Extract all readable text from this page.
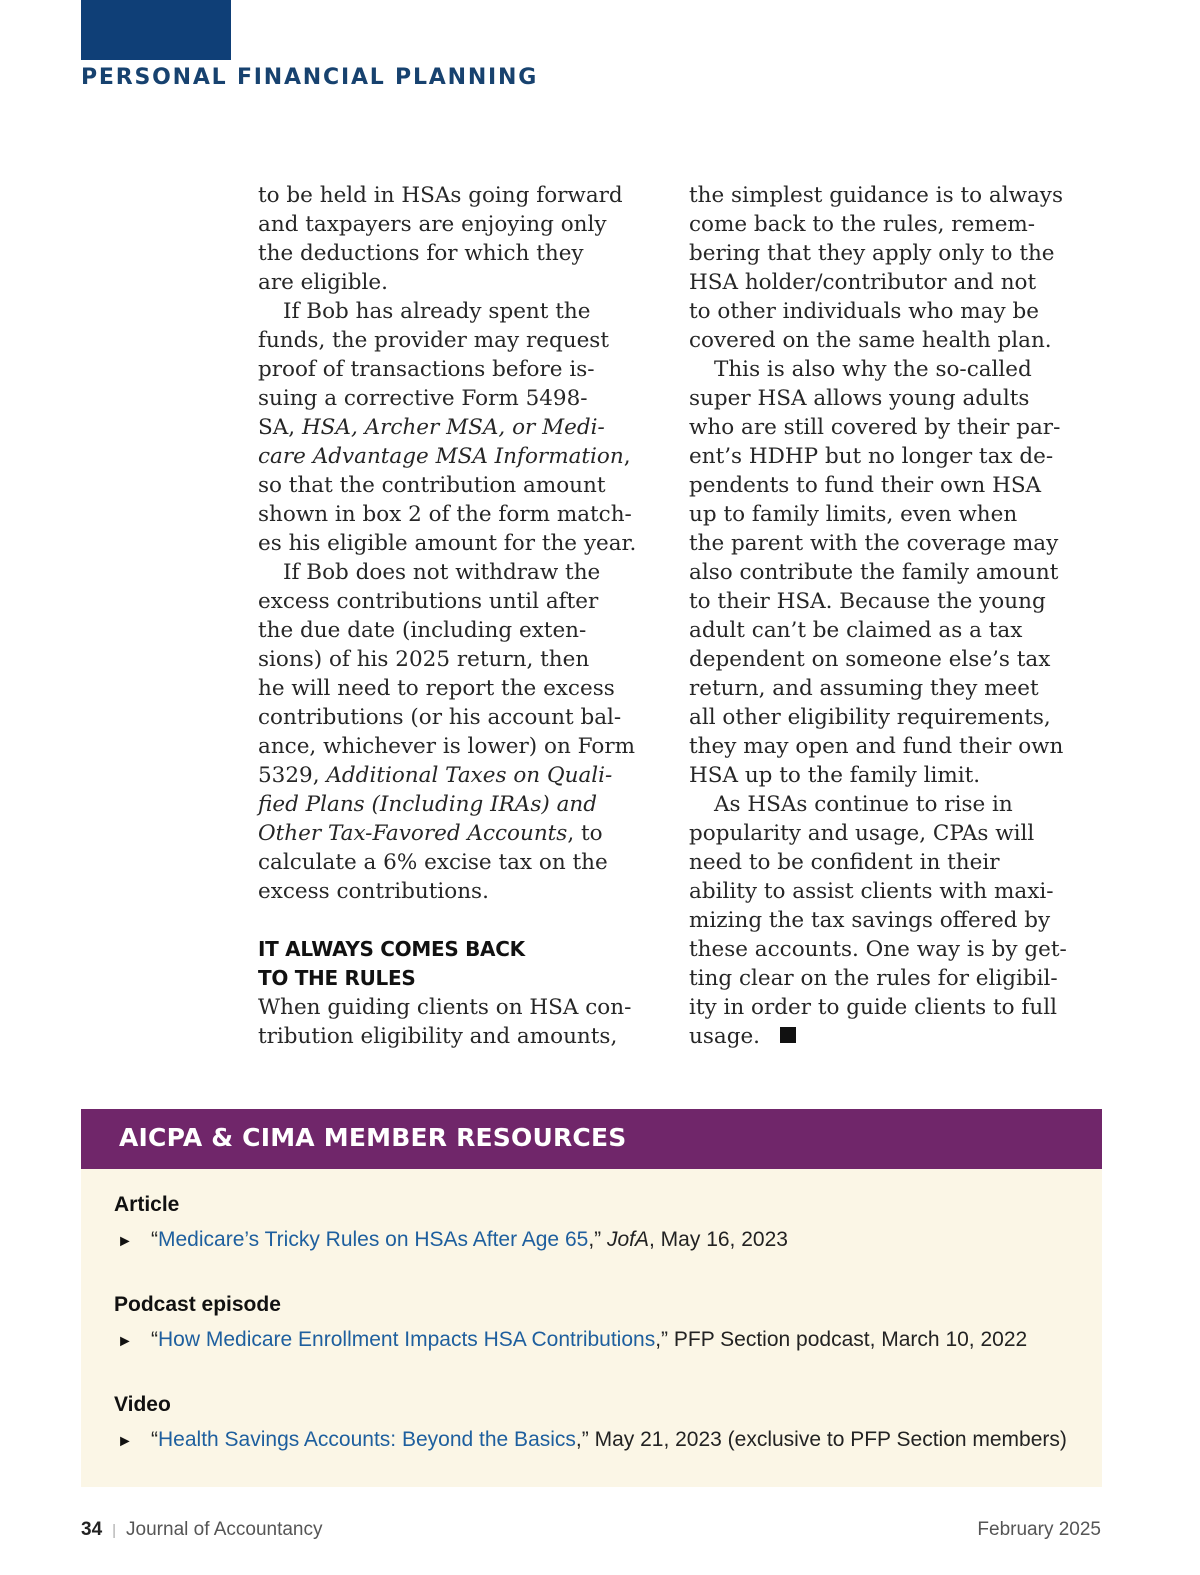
PERSONAL FINANCIAL PLANNING
to be held in HSAs going forward
and taxpayers are enjoying only
the deductions for which they
are eligible.
If Bob has already spent the
funds, the provider may request
proof of transactions before is-
suing a corrective Form 5498-
SA, HSA, Archer MSA, or Medi-
care Advantage MSA Information,
so that the contribution amount
shown in box 2 of the form match-
es his eligible amount for the year.
If Bob does not withdraw the
excess contributions until after
the due date (including exten-
sions) of his 2025 return, then
he will need to report the excess
contributions (or his account bal-
ance, whichever is lower) on Form
5329, Additional Taxes on Quali-
fied Plans (Including IRAs) and
Other Tax-Favored Accounts, to
calculate a 6% excise tax on the
excess contributions.
IT ALWAYS COMES BACK
TO THE RULES
When guiding clients on HSA con-
tribution eligibility and amounts,
the simplest guidance is to always
come back to the rules, remem-
bering that they apply only to the
HSA holder/contributor and not
to other individuals who may be
covered on the same health plan.
This is also why the so-called
super HSA allows young adults
who are still covered by their par-
ent’s HDHP but no longer tax de-
pendents to fund their own HSA
up to family limits, even when
the parent with the coverage may
also contribute the family amount
to their HSA. Because the young
adult can’t be claimed as a tax
dependent on someone else’s tax
return, and assuming they meet
all other eligibility requirements,
they may open and fund their own
HSA up to the family limit.
As HSAs continue to rise in
popularity and usage, CPAs will
need to be confident in their
ability to assist clients with maxi-
mizing the tax savings offered by
these accounts. One way is by get-
ting clear on the rules for eligibil-
ity in order to guide clients to full
usage.
AICPA & CIMA MEMBER RESOURCES

Article

► “Medicare’s Tricky Rules on HSAs After Age 65,” JofA, May 16, 2023

Podcast episode

► “How Medicare Enrollment Impacts HSA Contributions,” PFP Section podcast, March 10, 2022

Video

► “Health Savings Accounts: Beyond the Basics,” May 21, 2023 (exclusive to PFP Section members)

34 | Journal of Accountancy	February 2025
